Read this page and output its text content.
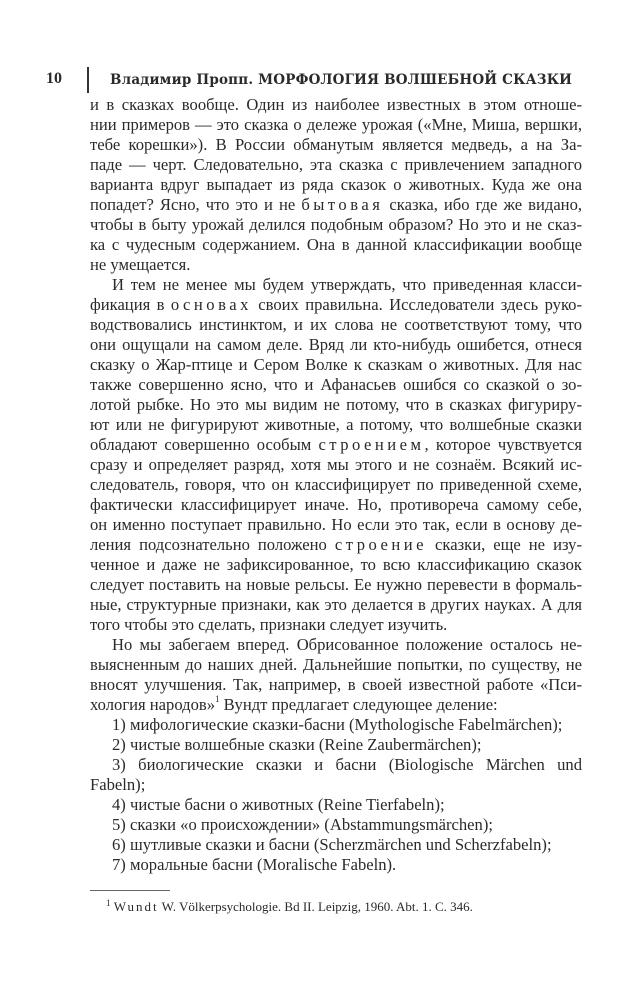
10	Владимир Пропп. МОРФОЛОГИЯ ВОЛШЕБНОЙ СКАЗКИ
и в сказках вообще. Один из наиболее известных в этом отноше-
нии примеров — это сказка о дележе урожая («Мне, Миша, вершки,
тебе корешки»). В России обманутым является медведь, а на За-
паде — черт. Следовательно, эта сказка с привлечением западного
варианта вдруг выпадает из ряда сказок о животных. Куда же она
попадет? Ясно, что это и не бытовая сказка, ибо где же видано,
чтобы в быту урожай делился подобным образом? Но это и не сказ-
ка с чудесным содержанием. Она в данной классификации вообще
не умещается.
И тем не менее мы будем утверждать, что приведенная класси-
фикация в основах своих правильна. Исследователи здесь руко-
водствовались инстинктом, и их слова не соответствуют тому, что
они ощущали на самом деле. Вряд ли кто-нибудь ошибется, отнеся
сказку о Жар-птице и Сером Волке к сказкам о животных. Для нас
также совершенно ясно, что и Афанасьев ошибся со сказкой о зо-
лотой рыбке. Но это мы видим не потому, что в сказках фигуриру-
ют или не фигурируют животные, а потому, что волшебные сказки
обладают совершенно особым строением, которое чувствуется
сразу и определяет разряд, хотя мы этого и не сознаём. Всякий ис-
следователь, говоря, что он классифицирует по приведенной схеме,
фактически классифицирует иначе. Но, противореча самому себе,
он именно поступает правильно. Но если это так, если в основу де-
ления подсознательно положено строение сказки, еще не изу-
ченное и даже не зафиксированное, то всю классификацию сказок
следует поставить на новые рельсы. Ее нужно перевести в формаль-
ные, структурные признаки, как это делается в других науках. А для
того чтобы это сделать, признаки следует изучить.
Но мы забегаем вперед. Обрисованное положение осталось не-
выясненным до наших дней. Дальнейшие попытки, по существу, не
вносят улучшения. Так, например, в своей известной работе «Пси-
хология народов»$^1$ Вундт предлагает следующее деление:
1) мифологические сказки-басни (Mythologische Fabelmärchen);
2) чистые волшебные сказки (Reine Zaubermärchen);
3) биологические сказки и басни (Biologische Märchen und
Fabeln);
4) чистые басни о животных (Reine Tierfabeln);
5) сказки «о происхождении» (Abstammungsmärchen);
6) шутливые сказки и басни (Scherzmärchen und Scherzfabeln);
7) моральные басни (Moralische Fabeln).
$^1$ Wundt W. Völkerpsychologie. Bd II. Leipzig, 1960. Abt. 1. C. 346.
